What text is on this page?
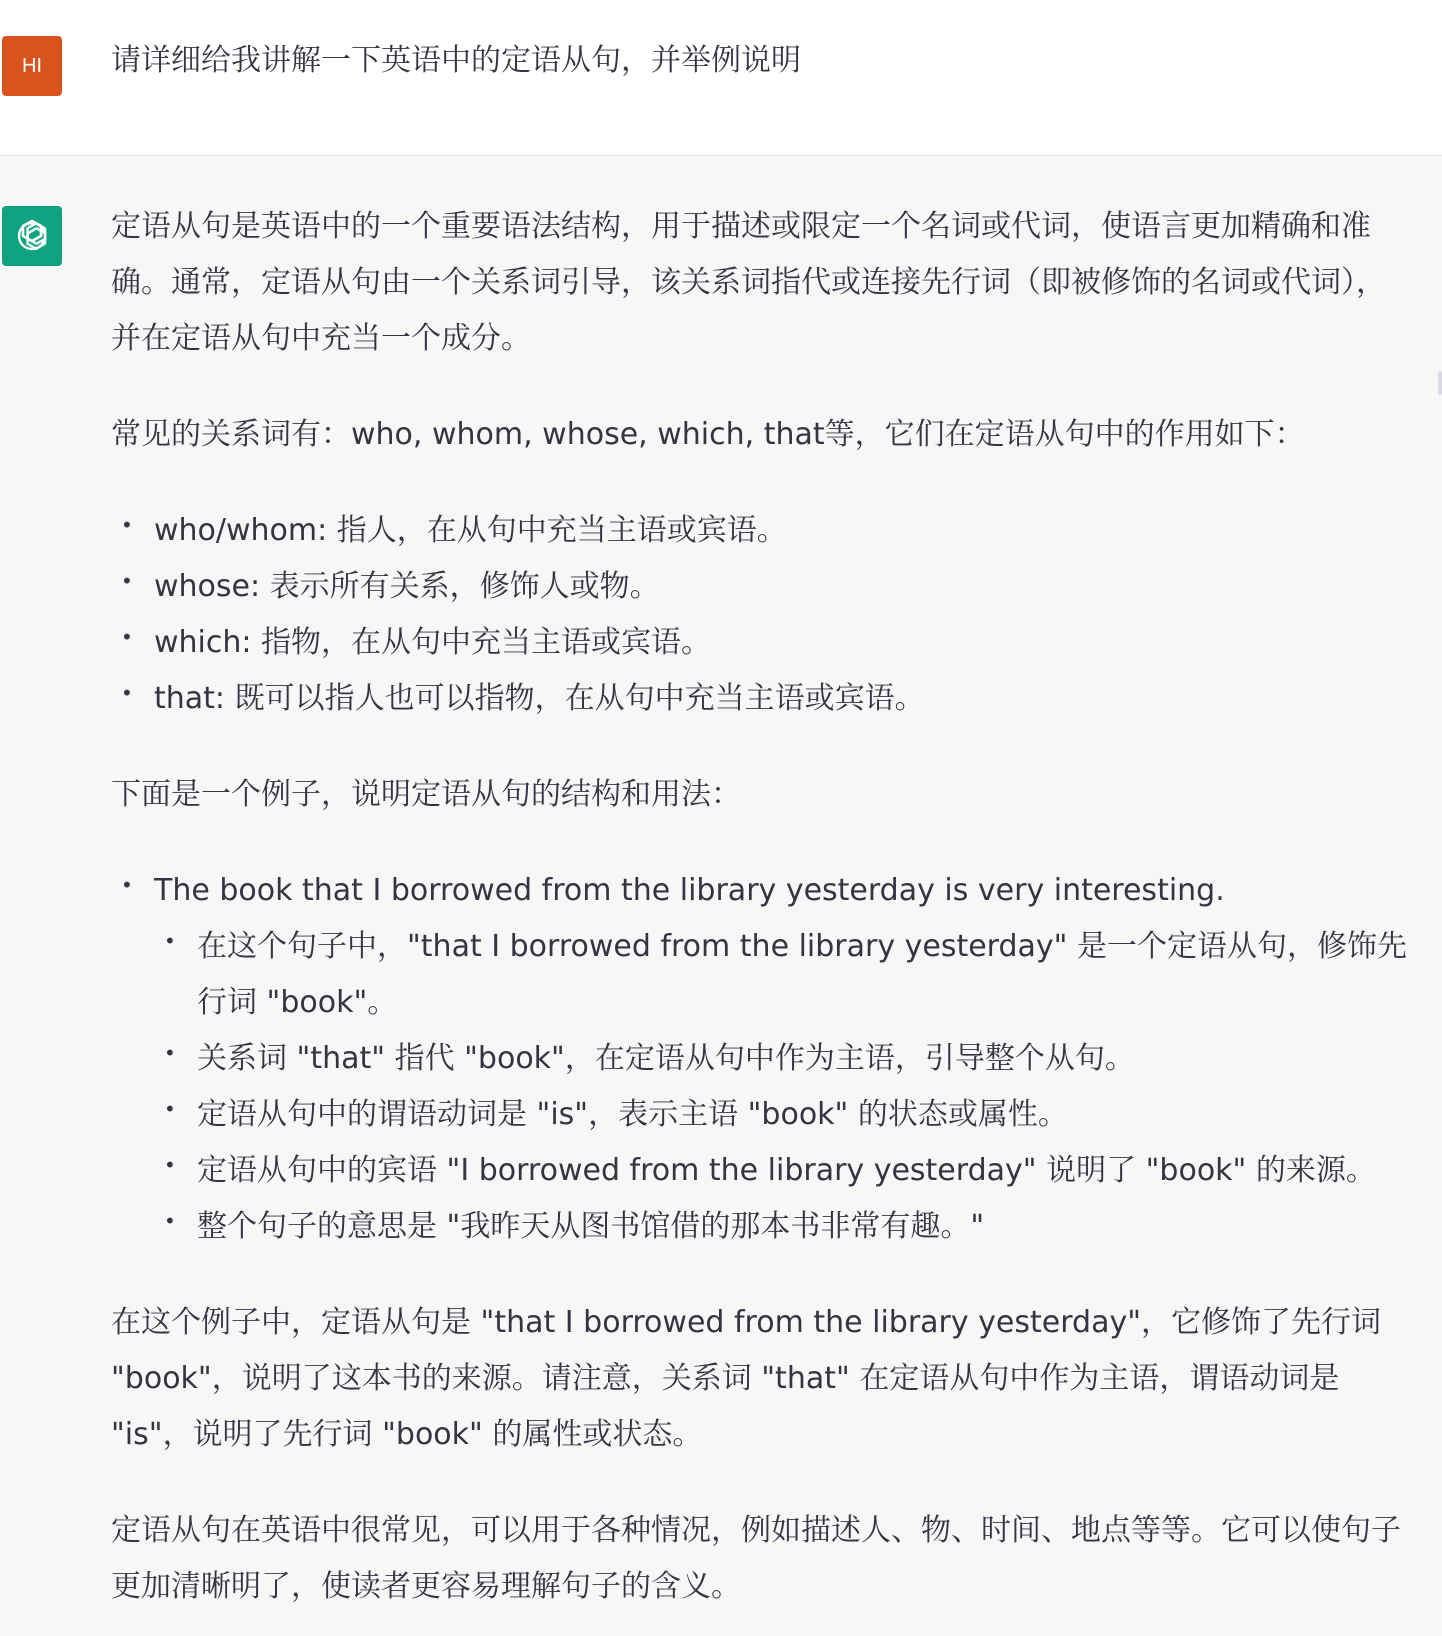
HI	请详细给我讲解一下英语中的定语从句，并举例说明

定语从句是英语中的一个重要语法结构，用于描述或限定一个名词或代词，使语言更加精确和准确。通常，定语从句由一个关系词引导，该关系词指代或连接先行词（即被修饰的名词或代词），并在定语从句中充当一个成分。

常见的关系词有：who, whom, whose, which, that等，它们在定语从句中的作用如下：

• who/whom: 指人，在从句中充当主语或宾语。
• whose: 表示所有关系，修饰人或物。
• which: 指物，在从句中充当主语或宾语。
• that: 既可以指人也可以指物，在从句中充当主语或宾语。

下面是一个例子，说明定语从句的结构和用法：

• The book that I borrowed from the library yesterday is very interesting.
• 在这个句子中，"that I borrowed from the library yesterday" 是一个定语从句，修饰先行词 "book"。
• 关系词 "that" 指代 "book"，在定语从句中作为主语，引导整个从句。
• 定语从句中的谓语动词是 "is"，表示主语 "book" 的状态或属性。
• 定语从句中的宾语 "I borrowed from the library yesterday" 说明了 "book" 的来源。
• 整个句子的意思是 "我昨天从图书馆借的那本书非常有趣。"

在这个例子中，定语从句是 "that I borrowed from the library yesterday"，它修饰了先行词 "book"，说明了这本书的来源。请注意，关系词 "that" 在定语从句中作为主语，谓语动词是 "is"，说明了先行词 "book" 的属性或状态。

定语从句在英语中很常见，可以用于各种情况，例如描述人、物、时间、地点等等。它可以使句子更加清晰明了，使读者更容易理解句子的含义。
